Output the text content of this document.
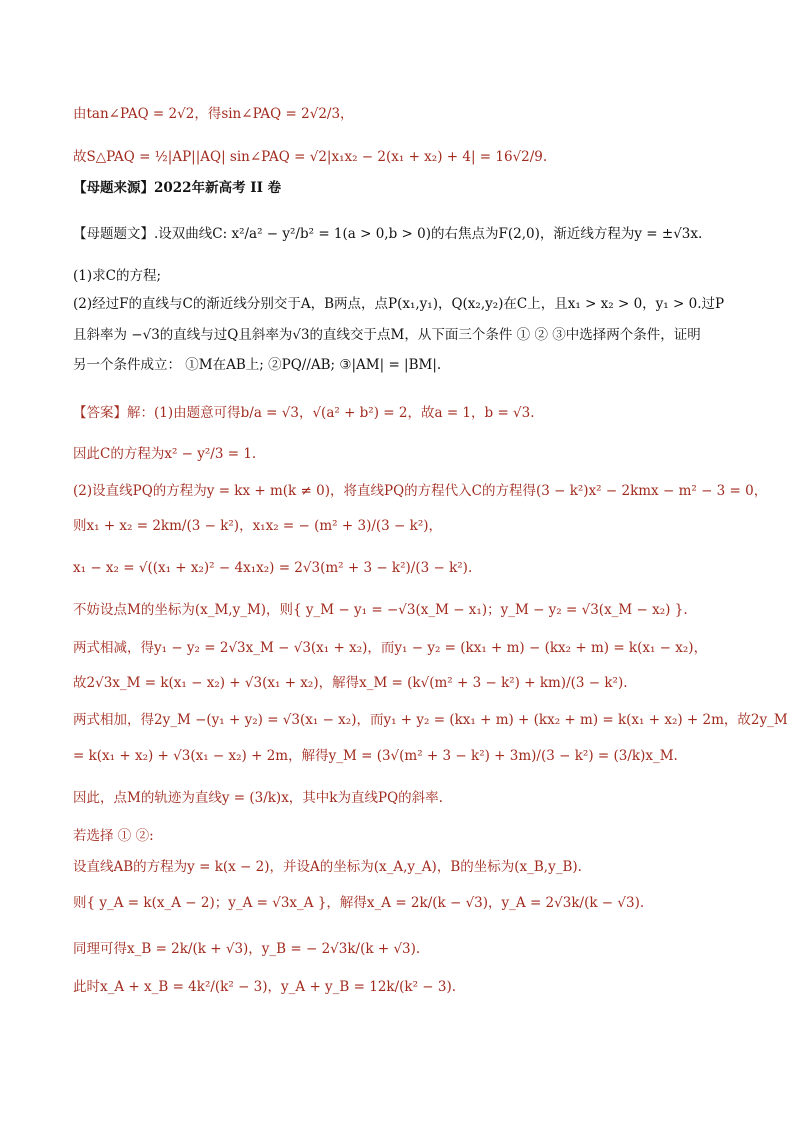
由tan∠PAQ = 2√2，得sin∠PAQ = 2√2/3，
故S△PAQ = ½|AP||AQ| sin∠PAQ = √2|x₁x₂ − 2(x₁ + x₂) + 4| = 16√2/9.
【母题来源】2022年新高考 II 卷
【母题题文】.设双曲线C: x²/a² − y²/b² = 1(a > 0,b > 0)的右焦点为F(2,0)，渐近线方程为y = ±√3x.
(1)求C的方程;
(2)经过F的直线与C的渐近线分别交于A，B两点，点P(x₁,y₁)，Q(x₂,y₂)在C上，且x₁ > x₂ > 0，y₁ > 0.过P
且斜率为 −√3的直线与过Q且斜率为√3的直线交于点M，从下面三个条件 ① ② ③中选择两个条件，证明
另一个条件成立： ①M在AB上; ②PQ//AB; ③|AM| = |BM|.
【答案】解：(1)由题意可得b/a = √3，√(a² + b²) = 2，故a = 1，b = √3.
因此C的方程为x² − y²/3 = 1.
(2)设直线PQ的方程为y = kx + m(k ≠ 0)，将直线PQ的方程代入C的方程得(3 − k²)x² − 2kmx − m² − 3 = 0，
则x₁ + x₂ = 2km/(3 − k²)，x₁x₂ = − (m² + 3)/(3 − k²)，
x₁ − x₂ = √((x₁ + x₂)² − 4x₁x₂) = 2√3(m² + 3 − k²)/(3 − k²).
不妨设点M的坐标为(x_M,y_M)，则{ y_M − y₁ = −√3(x_M − x₁)；y_M − y₂ = √3(x_M − x₂) }.
两式相减，得y₁ − y₂ = 2√3x_M − √3(x₁ + x₂)，而y₁ − y₂ = (kx₁ + m) − (kx₂ + m) = k(x₁ − x₂)，
故2√3x_M = k(x₁ − x₂) + √3(x₁ + x₂)，解得x_M = (k√(m² + 3 − k²) + km)/(3 − k²).
两式相加，得2y_M −(y₁ + y₂) = √3(x₁ − x₂)，而y₁ + y₂ = (kx₁ + m) + (kx₂ + m) = k(x₁ + x₂) + 2m，故2y_M
= k(x₁ + x₂) + √3(x₁ − x₂) + 2m，解得y_M = (3√(m² + 3 − k²) + 3m)/(3 − k²) = (3/k)x_M.
因此，点M的轨迹为直线y = (3/k)x，其中k为直线PQ的斜率.
若选择 ① ②:
设直线AB的方程为y = k(x − 2)，并设A的坐标为(x_A,y_A)，B的坐标为(x_B,y_B).
则{ y_A = k(x_A − 2)；y_A = √3x_A }，解得x_A = 2k/(k − √3)，y_A = 2√3k/(k − √3).
同理可得x_B = 2k/(k + √3)，y_B = − 2√3k/(k + √3).
此时x_A + x_B = 4k²/(k² − 3)，y_A + y_B = 12k/(k² − 3).
